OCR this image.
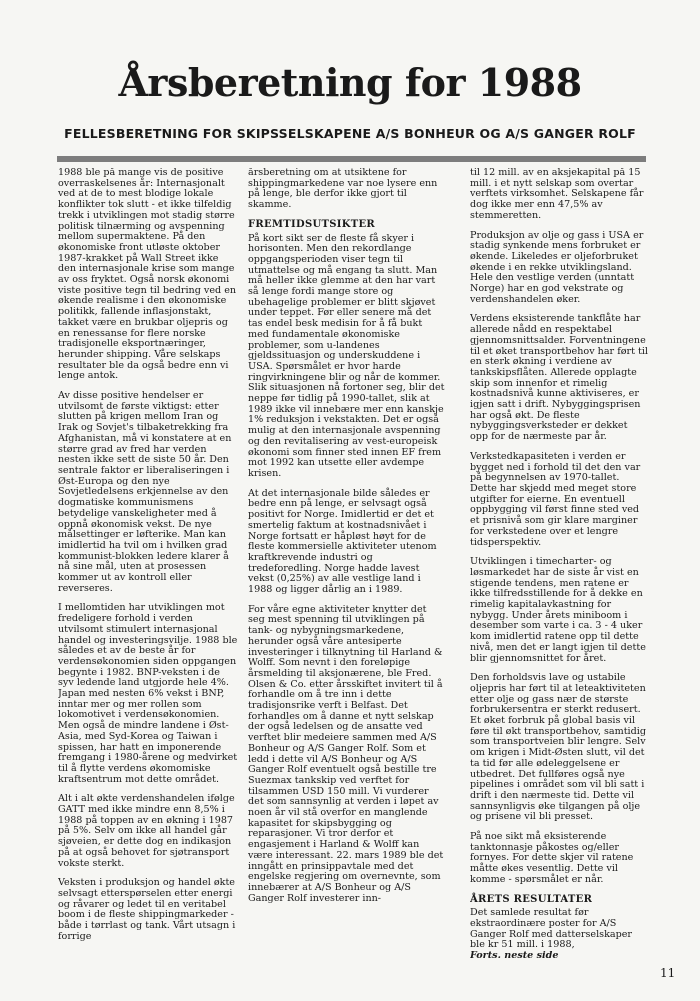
Årsberetning for 1988
FELLESBERETNING FOR SKIPSSELSKAPENE A/S BONHEUR OG A/S GANGER ROLF

1988 ble på mange vis de positive overraskelsenes år: Internasjonalt ved at de to mest blodige lokale konflikter tok slutt - et ikke tilfeldig trekk i utviklingen mot stadig større politisk tilnærming og avspenning mellom supermaktene. På den økonomiske front utløste oktober 1987-krakket på Wall Street ikke den internasjonale krise som mange av oss fryktet. Også norsk økonomi viste positive tegn til bedring ved en økende realisme i den økonomiske politikk, fallende inflasjonstakt, takket være en brukbar oljepris og en renessanse for flere norske tradisjonelle eksportnæringer, herunder shipping. Våre selskaps resultater ble da også bedre enn vi lenge antok.

Av disse positive hendelser er utvilsomt de første viktigst: etter slutten på krigen mellom Iran og Irak og Sovjet's tilbaketrekking fra Afghanistan, må vi konstatere at en større grad av fred har verden nesten ikke sett de siste 50 år. Den sentrale faktor er liberaliseringen i Øst-Europa og den nye Sovjetledelsens erkjennelse av den dogmatiske kommunismens betydelige vanskeligheter med å oppnå økonomisk vekst. De nye målsettinger er løfterike. Man kan imidlertid ha tvil om i hvilken grad kommunist-blokken ledere klarer å nå sine mål, uten at prosessen kommer ut av kontroll eller reverseres.

I mellomtiden har utviklingen mot fredeligere forhold i verden utvilsomt stimulert internasjonal handel og investeringsvilje. 1988 ble således et av de beste år for verdensøkonomien siden oppgangen begynte i 1982. BNP-veksten i de syv ledende land utgjorde hele 4%. Japan med nesten 6% vekst i BNP, inntar mer og mer rollen som lokomotivet i verdensøkonomien. Men også de mindre landene i Øst-Asia, med Syd-Korea og Taiwan i spissen, har hatt en imponerende fremgang i 1980-årene og medvirket til å flytte verdens økomomiske kraftsentrum mot dette området.

Alt i alt økte verdenshandelen ifølge GATT med ikke mindre enn 8,5% i 1988 på toppen av en økning i 1987 på 5%. Selv om ikke all handel går sjøveien, er dette dog en indikasjon på at også behovet for sjøtransport vokste sterkt.

Veksten i produksjon og handel økte selvsagt etterspørselen etter energi og råvarer og ledet til en veritabel boom i de fleste shippingmarkeder - både i tørrlast og tank. Vårt utsagn i forrige

årsberetning om at utsiktene for shippingmarkedene var noe lysere enn på lenge, ble derfor ikke gjort til skamme.

FREMTIDSUTSIKTER

På kort sikt ser de fleste få skyer i horisonten. Men den rekordlange oppgangsperioden viser tegn til utmattelse og må engang ta slutt. Man må heller ikke glemme at den har vart så lenge fordi mange store og ubehagelige problemer er blitt skjøvet under teppet. Før eller senere må det tas endel besk medisin for å få bukt med fundamentale økonomiske problemer, som u-landenes gjeldssituasjon og underskuddene i USA. Spørsmålet er hvor harde ringvirkningene blir og når de kommer. Slik situasjonen nå fortoner seg, blir det neppe før tidlig på 1990-tallet, slik at 1989 ikke vil innebære mer enn kanskje 1% reduksjon i vekstakten. Det er også mulig at den internasjonale avspenning og den revitalisering av vest-europeisk økonomi som finner sted innen EF frem mot 1992 kan utsette eller avdempe krisen.

At det internasjonale bilde således er bedre enn på lenge, er selvsagt også positivt for Norge. Imidlertid er det et smertelig faktum at kostnadsnivået i Norge fortsatt er håpløst høyt for de fleste kommersielle aktiviteter utenom kraftkrevende industri og tredeforedling. Norge hadde lavest vekst (0,25%) av alle vestlige land i 1988 og ligger dårlig an i 1989.

For våre egne aktiviteter knytter det seg mest spenning til utviklingen på tank- og nybygningsmarkedene, herunder også våre antesiperte investeringer i tilknytning til Harland & Wolff. Som nevnt i den foreløpige årsmelding til aksjonærene, ble Fred. Olsen & Co. etter årsskiftet invitert til å forhandle om å tre inn i dette tradisjonsrike verft i Belfast. Det forhandles om å danne et nytt selskap der også ledelsen og de ansatte ved verftet blir medeiere sammen med A/S Bonheur og A/S Ganger Rolf. Som et ledd i dette vil A/S Bonheur og A/S Ganger Rolf eventuelt også bestille tre Suezmax tankskip ved verftet for tilsammen USD 150 mill. Vi vurderer det som sannsynlig at verden i løpet av noen år vil stå overfor en manglende kapasitet for skipsbygging og reparasjoner. Vi tror derfor et engasjement i Harland & Wolff kan være interessant. 22. mars 1989 ble det inngått en prinsippavtale med det engelske regjering om overnevnte, som innebærer at A/S Bonheur og A/S Ganger Rolf investerer inn-

til 12 mill. av en aksjekapital på 15 mill. i et nytt selskap som overtar verftets virksomhet. Selskapene får dog ikke mer enn 47,5% av stemmeretten.

Produksjon av olje og gass i USA er stadig synkende mens forbruket er økende. Likeledes er oljeforbruket økende i en rekke utviklingsland. Hele den vestlige verden (unntatt Norge) har en god vekstrate og verdenshandelen øker.

Verdens eksisterende tankflåte har allerede nådd en respektabel gjennomsnittsalder. Forventningene til et øket transportbehov har ført til en sterk økning i verdiene av tankskipsflåten. Allerede opplagte skip som innenfor et rimelig kostnadsnivå kunne aktiviseres, er igjen satt i drift. Nybyggingsprisen har også økt. De fleste nybyggingsverksteder er dekket opp for de nærmeste par år.

Verkstedkapasiteten i verden er bygget ned i forhold til det den var på begynnelsen av 1970-tallet. Dette har skjedd med meget store utgifter for eierne. En eventuell oppbygging vil først finne sted ved et prisnivå som gir klare marginer for verkstedene over et lengre tidsperspektiv.

Utviklingen i timecharter- og løsmarkedet har de siste år vist en stigende tendens, men ratene er ikke tilfredsstillende for å dekke en rimelig kapitalavkastning for nybygg. Under årets miniboom i desember som varte i ca. 3 - 4 uker kom imidlertid ratene opp til dette nivå, men det er langt igjen til dette blir gjennomsnittet for året.

Den forholdsvis lave og ustabile oljepris har ført til at leteaktiviteten etter olje og gass nær de største forbrukersentra er sterkt redusert. Et øket forbruk på global basis vil føre til økt transportbehov, samtidig som transportveien blir lengre. Selv om krigen i Midt-Østen slutt, vil det ta tid før alle ødeleggelsene er utbedret. Det fullføres også nye pipelines i området som vil bli satt i drift i den nærmeste tid. Dette vil sannsynligvis øke tilgangen på olje og prisene vil bli presset.

På noe sikt må eksisterende tanktonnasje påkostes og/eller fornyes. For dette skjer vil ratene måtte økes vesentlig. Dette vil komme - spørsmålet er når.

ÅRETS RESULTATER

Det samlede resultat før ekstraordinære poster for A/S Ganger Rolf med datterselskaper ble kr 51 mill. i 1988,

Forts. neste side

11
